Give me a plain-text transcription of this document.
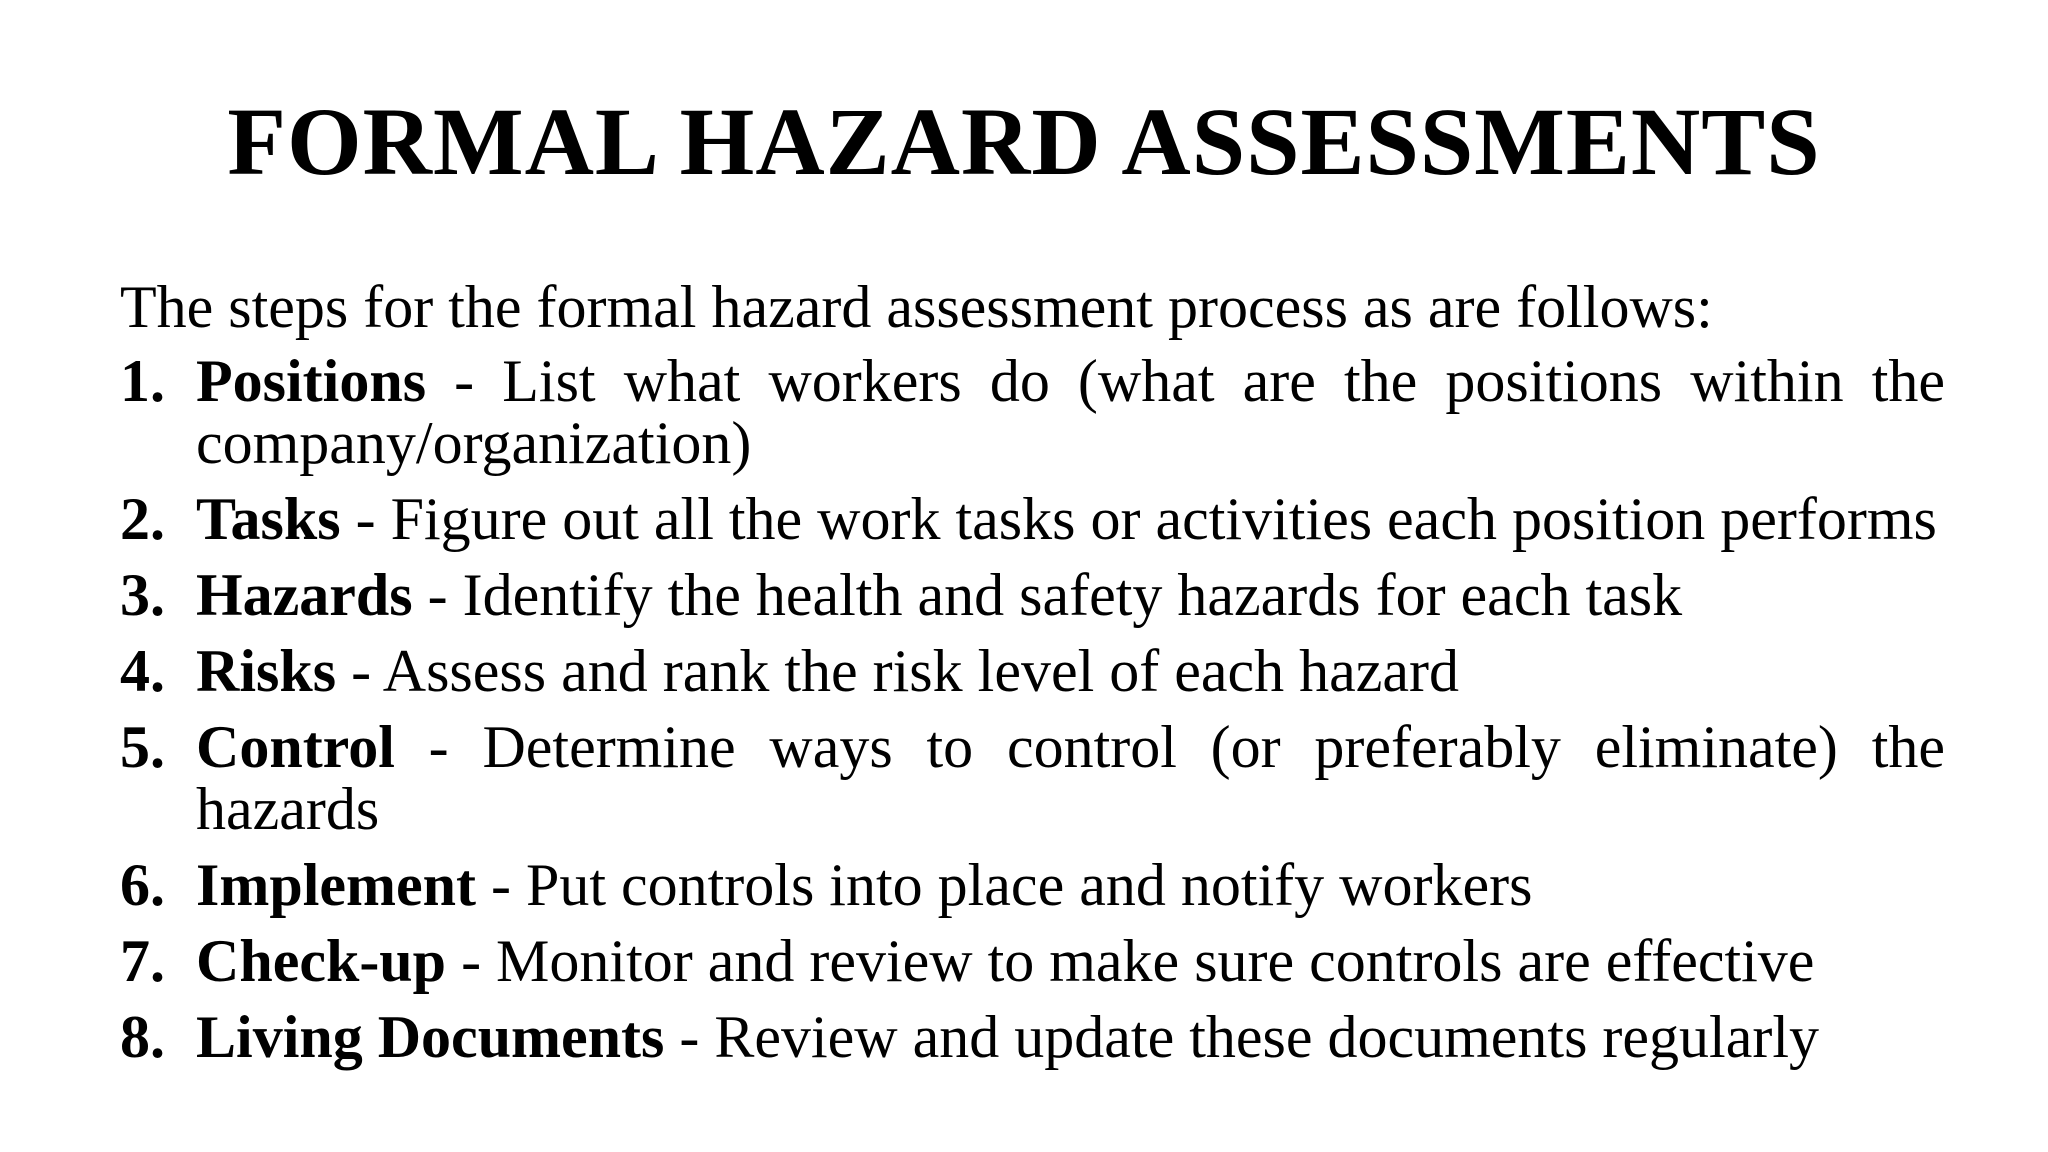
FORMAL HAZARD ASSESSMENTS

The steps for the formal hazard assessment process as are follows:

1. Positions - List what workers do (what are the positions within the company/organization)
2. Tasks - Figure out all the work tasks or activities each position performs
3. Hazards - Identify the health and safety hazards for each task
4. Risks - Assess and rank the risk level of each hazard
5. Control - Determine ways to control (or preferably eliminate) the hazards
6. Implement - Put controls into place and notify workers
7. Check-up - Monitor and review to make sure controls are effective
8. Living Documents - Review and update these documents regularly
